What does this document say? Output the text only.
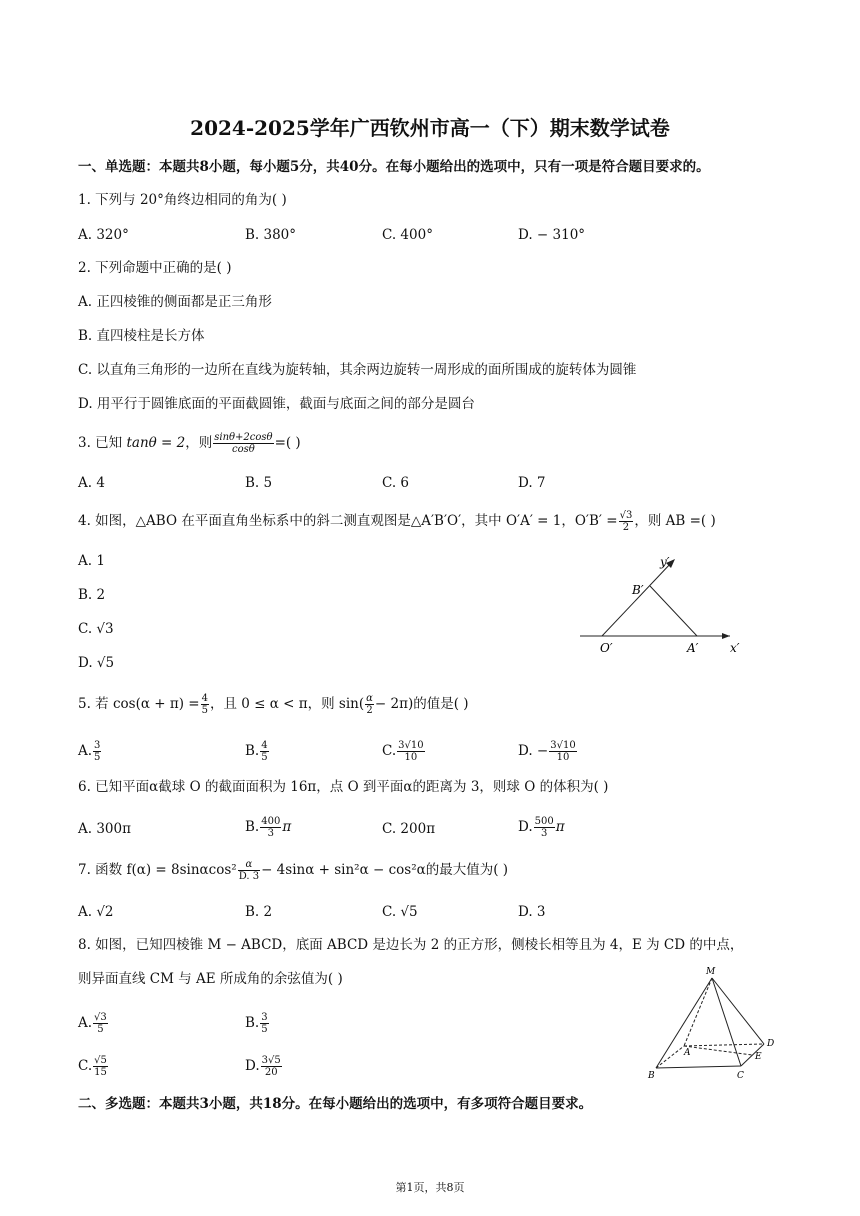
2024-2025学年广西钦州市高一（下）期末数学试卷
一、单选题：本题共8小题，每小题5分，共40分。在每小题给出的选项中，只有一项是符合题目要求的。
1. 下列与 20°角终边相同的角为( )
A. 320°	B. 380°	C. 400°	D. − 310°
2. 下列命题中正确的是( )
A. 正四棱锥的侧面都是正三角形
B. 直四棱柱是长方体
C. 以直角三角形的一边所在直线为旋转轴，其余两边旋转一周形成的面所围成的旋转体为圆锥
D. 用平行于圆锥底面的平面截圆锥，截面与底面之间的部分是圆台
3. 已知 tanθ = 2，则 $\frac{\sin\theta+2\cos\theta}{\cos\theta}$ =( )
A. 4	B. 5	C. 6	D. 7
4. 如图，△ABO 在平面直角坐标系中的斜二测直观图是△A′B′O′，其中 O′A′ = 1，$O'B' = \frac{√3}{2}$ ，则 AB =( )
A. 1
B. 2
C. √3
D. √5
y′
x′
B′
O′	A′
5. 若 $\cos(\alpha + \pi) = \frac{4}{5}$ ，且 0 ≤ α < π，则 $\sin( \frac{\alpha}{2} - 2\pi)$的值是( )
A. $\frac{3}{5}$	B. $\frac{4}{5}$	C. $\frac{3√10}{10}$	D. − $\frac{3√10}{10}$
6. 已知平面α截球 O 的截面面积为 16π，点 O 到平面α的距离为 3，则球 O 的体积为( )
A. 300π	B. $\frac{400}{3}$ π	C. 200π	D. $\frac{500}{3}$ π
7. 函数 $f(\alpha) = 8\sin\alpha\cos^2 \frac{\alpha}{D. 3} - 4\sin\alpha + \sin^2\alpha - \cos^2\alpha$的最大值为( )
A. √2	B. 2	C. √5	D. 3
8. 如图，已知四棱锥 M − ABCD，底面 ABCD 是边长为 2 的正方形，侧棱长相等且为 4，E 为 CD 的中点，
则异面直线 CM 与 AE 所成角的余弦值为( )
A. $\frac{√3}{5}$	B. $\frac{3}{5}$
C. $\frac{√5}{15}$	D. $\frac{3√5}{20}$
M
A
B	C
D
E
二、多选题：本题共3小题，共18分。在每小题给出的选项中，有多项符合题目要求。
第1页，共8页
